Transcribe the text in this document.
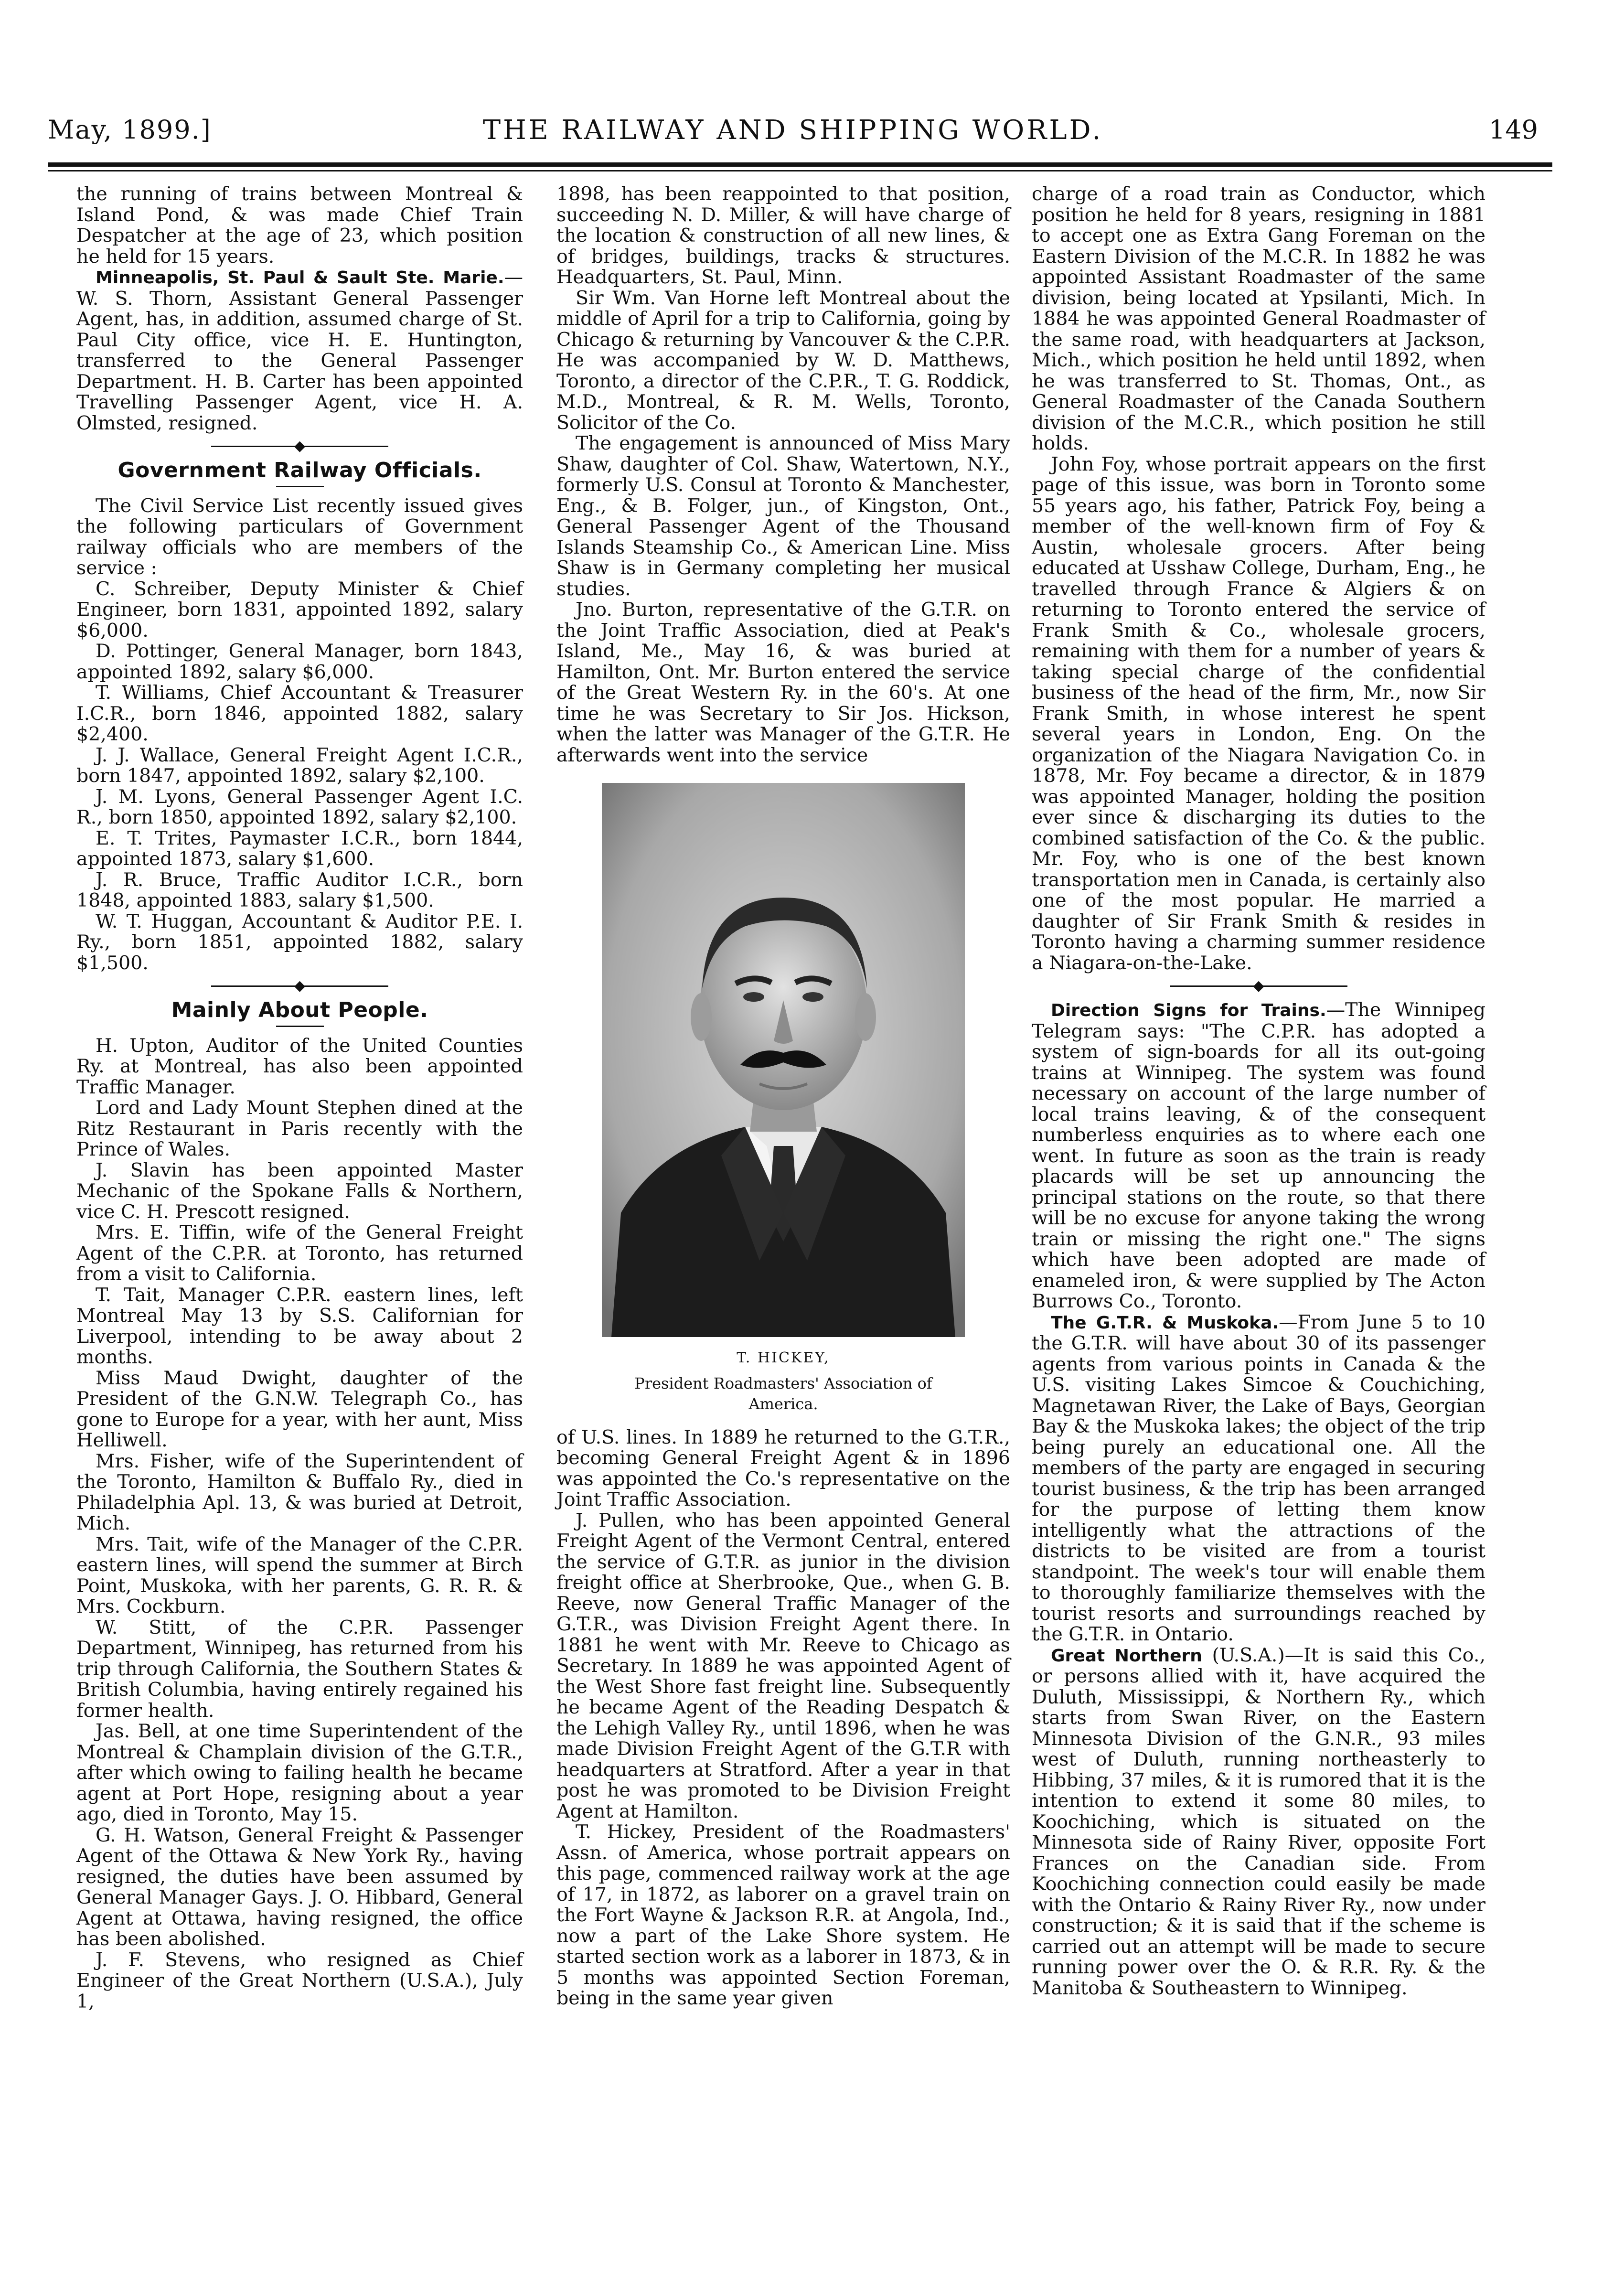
May, 1899.]	THE RAILWAY AND SHIPPING WORLD.	149

the running of trains between Montreal & Island Pond, & was made Chief Train Despatcher at the age of 23, which position he held for 15 years.

Minneapolis, St. Paul & Sault Ste. Marie.—W. S. Thorn, Assistant General Passenger Agent, has, in addition, assumed charge of St. Paul City office, vice H. E. Huntington, transferred to the General Passenger Department. H. B. Carter has been appointed Travelling Passenger Agent, vice H. A. Olmsted, resigned.

◆
Government Railway Officials.

The Civil Service List recently issued gives the following particulars of Government railway officials who are members of the service :

C. Schreiber, Deputy Minister & Chief Engineer, born 1831, appointed 1892, salary $6,000.

D. Pottinger, General Manager, born 1843, appointed 1892, salary $6,000.

T. Williams, Chief Accountant & Treasurer I.C.R., born 1846, appointed 1882, salary $2,400.

J. J. Wallace, General Freight Agent I.C.R., born 1847, appointed 1892, salary $2,100.

J. M. Lyons, General Passenger Agent I.C. R., born 1850, appointed 1892, salary $2,100.

E. T. Trites, Paymaster I.C.R., born 1844, appointed 1873, salary $1,600.

J. R. Bruce, Traffic Auditor I.C.R., born 1848, appointed 1883, salary $1,500.

W. T. Huggan, Accountant & Auditor P.E. I. Ry., born 1851, appointed 1882, salary $1,500.

◆
Mainly About People.

H. Upton, Auditor of the United Counties Ry. at Montreal, has also been appointed Traffic Manager.

Lord and Lady Mount Stephen dined at the Ritz Restaurant in Paris recently with the Prince of Wales.

J. Slavin has been appointed Master Mechanic of the Spokane Falls & Northern, vice C. H. Prescott resigned.

Mrs. E. Tiffin, wife of the General Freight Agent of the C.P.R. at Toronto, has returned from a visit to California.

T. Tait, Manager C.P.R. eastern lines, left Montreal May 13 by S.S. Californian for Liverpool, intending to be away about 2 months.

Miss Maud Dwight, daughter of the President of the G.N.W. Telegraph Co., has gone to Europe for a year, with her aunt, Miss Helliwell.

Mrs. Fisher, wife of the Superintendent of the Toronto, Hamilton & Buffalo Ry., died in Philadelphia Apl. 13, & was buried at Detroit, Mich.

Mrs. Tait, wife of the Manager of the C.P.R. eastern lines, will spend the summer at Birch Point, Muskoka, with her parents, G. R. R. & Mrs. Cockburn.

W. Stitt, of the C.P.R. Passenger Department, Winnipeg, has returned from his trip through California, the Southern States & British Columbia, having entirely regained his former health.

Jas. Bell, at one time Superintendent of the Montreal & Champlain division of the G.T.R., after which owing to failing health he became agent at Port Hope, resigning about a year ago, died in Toronto, May 15.

G. H. Watson, General Freight & Passenger Agent of the Ottawa & New York Ry., having resigned, the duties have been assumed by General Manager Gays. J. O. Hibbard, General Agent at Ottawa, having resigned, the office has been abolished.

J. F. Stevens, who resigned as Chief Engineer of the Great Northern (U.S.A.), July 1,

1898, has been reappointed to that position, succeeding N. D. Miller, & will have charge of the location & construction of all new lines, & of bridges, buildings, tracks & structures. Headquarters, St. Paul, Minn.

Sir Wm. Van Horne left Montreal about the middle of April for a trip to California, going by Chicago & returning by Vancouver & the C.P.R. He was accompanied by W. D. Matthews, Toronto, a director of the C.P.R., T. G. Roddick, M.D., Montreal, & R. M. Wells, Toronto, Solicitor of the Co.

The engagement is announced of Miss Mary Shaw, daughter of Col. Shaw, Watertown, N.Y., formerly U.S. Consul at Toronto & Manchester, Eng., & B. Folger, jun., of Kingston, Ont., General Passenger Agent of the Thousand Islands Steamship Co., & American Line. Miss Shaw is in Germany completing her musical studies.

Jno. Burton, representative of the G.T.R. on the Joint Traffic Association, died at Peak's Island, Me., May 16, & was buried at Hamilton, Ont. Mr. Burton entered the service of the Great Western Ry. in the 60's. At one time he was Secretary to Sir Jos. Hickson, when the latter was Manager of the G.T.R. He afterwards went into the service

T. HICKEY,
President Roadmasters' Association of America.

of U.S. lines. In 1889 he returned to the G.T.R., becoming General Freight Agent & in 1896 was appointed the Co.'s representative on the Joint Traffic Association.

J. Pullen, who has been appointed General Freight Agent of the Vermont Central, entered the service of G.T.R. as junior in the division freight office at Sherbrooke, Que., when G. B. Reeve, now General Traffic Manager of the G.T.R., was Division Freight Agent there. In 1881 he went with Mr. Reeve to Chicago as Secretary. In 1889 he was appointed Agent of the West Shore fast freight line. Subsequently he became Agent of the Reading Despatch & the Lehigh Valley Ry., until 1896, when he was made Division Freight Agent of the G.T.R with headquarters at Stratford. After a year in that post he was promoted to be Division Freight Agent at Hamilton.

T. Hickey, President of the Roadmasters' Assn. of America, whose portrait appears on this page, commenced railway work at the age of 17, in 1872, as laborer on a gravel train on the Fort Wayne & Jackson R.R. at Angola, Ind., now a part of the Lake Shore system. He started section work as a laborer in 1873, & in 5 months was appointed Section Foreman, being in the same year given

charge of a road train as Conductor, which position he held for 8 years, resigning in 1881 to accept one as Extra Gang Foreman on the Eastern Division of the M.C.R. In 1882 he was appointed Assistant Roadmaster of the same division, being located at Ypsilanti, Mich. In 1884 he was appointed General Roadmaster of the same road, with headquarters at Jackson, Mich., which position he held until 1892, when he was transferred to St. Thomas, Ont., as General Roadmaster of the Canada Southern division of the M.C.R., which position he still holds.

John Foy, whose portrait appears on the first page of this issue, was born in Toronto some 55 years ago, his father, Patrick Foy, being a member of the well-known firm of Foy & Austin, wholesale grocers. After being educated at Usshaw College, Durham, Eng., he travelled through France & Algiers & on returning to Toronto entered the service of Frank Smith & Co., wholesale grocers, remaining with them for a number of years & taking special charge of the confidential business of the head of the firm, Mr., now Sir Frank Smith, in whose interest he spent several years in London, Eng. On the organization of the Niagara Navigation Co. in 1878, Mr. Foy became a director, & in 1879 was appointed Manager, holding the position ever since & discharging its duties to the combined satisfaction of the Co. & the public. Mr. Foy, who is one of the best known transportation men in Canada, is certainly also one of the most popular. He married a daughter of Sir Frank Smith & resides in Toronto having a charming summer residence a Niagara-on-the-Lake.

◆

Direction Signs for Trains.—The Winnipeg Telegram says: "The C.P.R. has adopted a system of sign-boards for all its out-going trains at Winnipeg. The system was found necessary on account of the large number of local trains leaving, & of the consequent numberless enquiries as to where each one went. In future as soon as the train is ready placards will be set up announcing the principal stations on the route, so that there will be no excuse for anyone taking the wrong train or missing the right one." The signs which have been adopted are made of enameled iron, & were supplied by The Acton Burrows Co., Toronto.

The G.T.R. & Muskoka.—From June 5 to 10 the G.T.R. will have about 30 of its passenger agents from various points in Canada & the U.S. visiting Lakes Simcoe & Couchiching, Magnetawan River, the Lake of Bays, Georgian Bay & the Muskoka lakes; the object of the trip being purely an educational one. All the members of the party are engaged in securing tourist business, & the trip has been arranged for the purpose of letting them know intelligently what the attractions of the districts to be visited are from a tourist standpoint. The week's tour will enable them to thoroughly familiarize themselves with the tourist resorts and surroundings reached by the G.T.R. in Ontario.

Great Northern (U.S.A.)—It is said this Co., or persons allied with it, have acquired the Duluth, Mississippi, & Northern Ry., which starts from Swan River, on the Eastern Minnesota Division of the G.N.R., 93 miles west of Duluth, running northeasterly to Hibbing, 37 miles, & it is rumored that it is the intention to extend it some 80 miles, to Koochiching, which is situated on the Minnesota side of Rainy River, opposite Fort Frances on the Canadian side. From Koochiching connection could easily be made with the Ontario & Rainy River Ry., now under construction; & it is said that if the scheme is carried out an attempt will be made to secure running power over the O. & R.R. Ry. & the Manitoba & Southeastern to Winnipeg.
